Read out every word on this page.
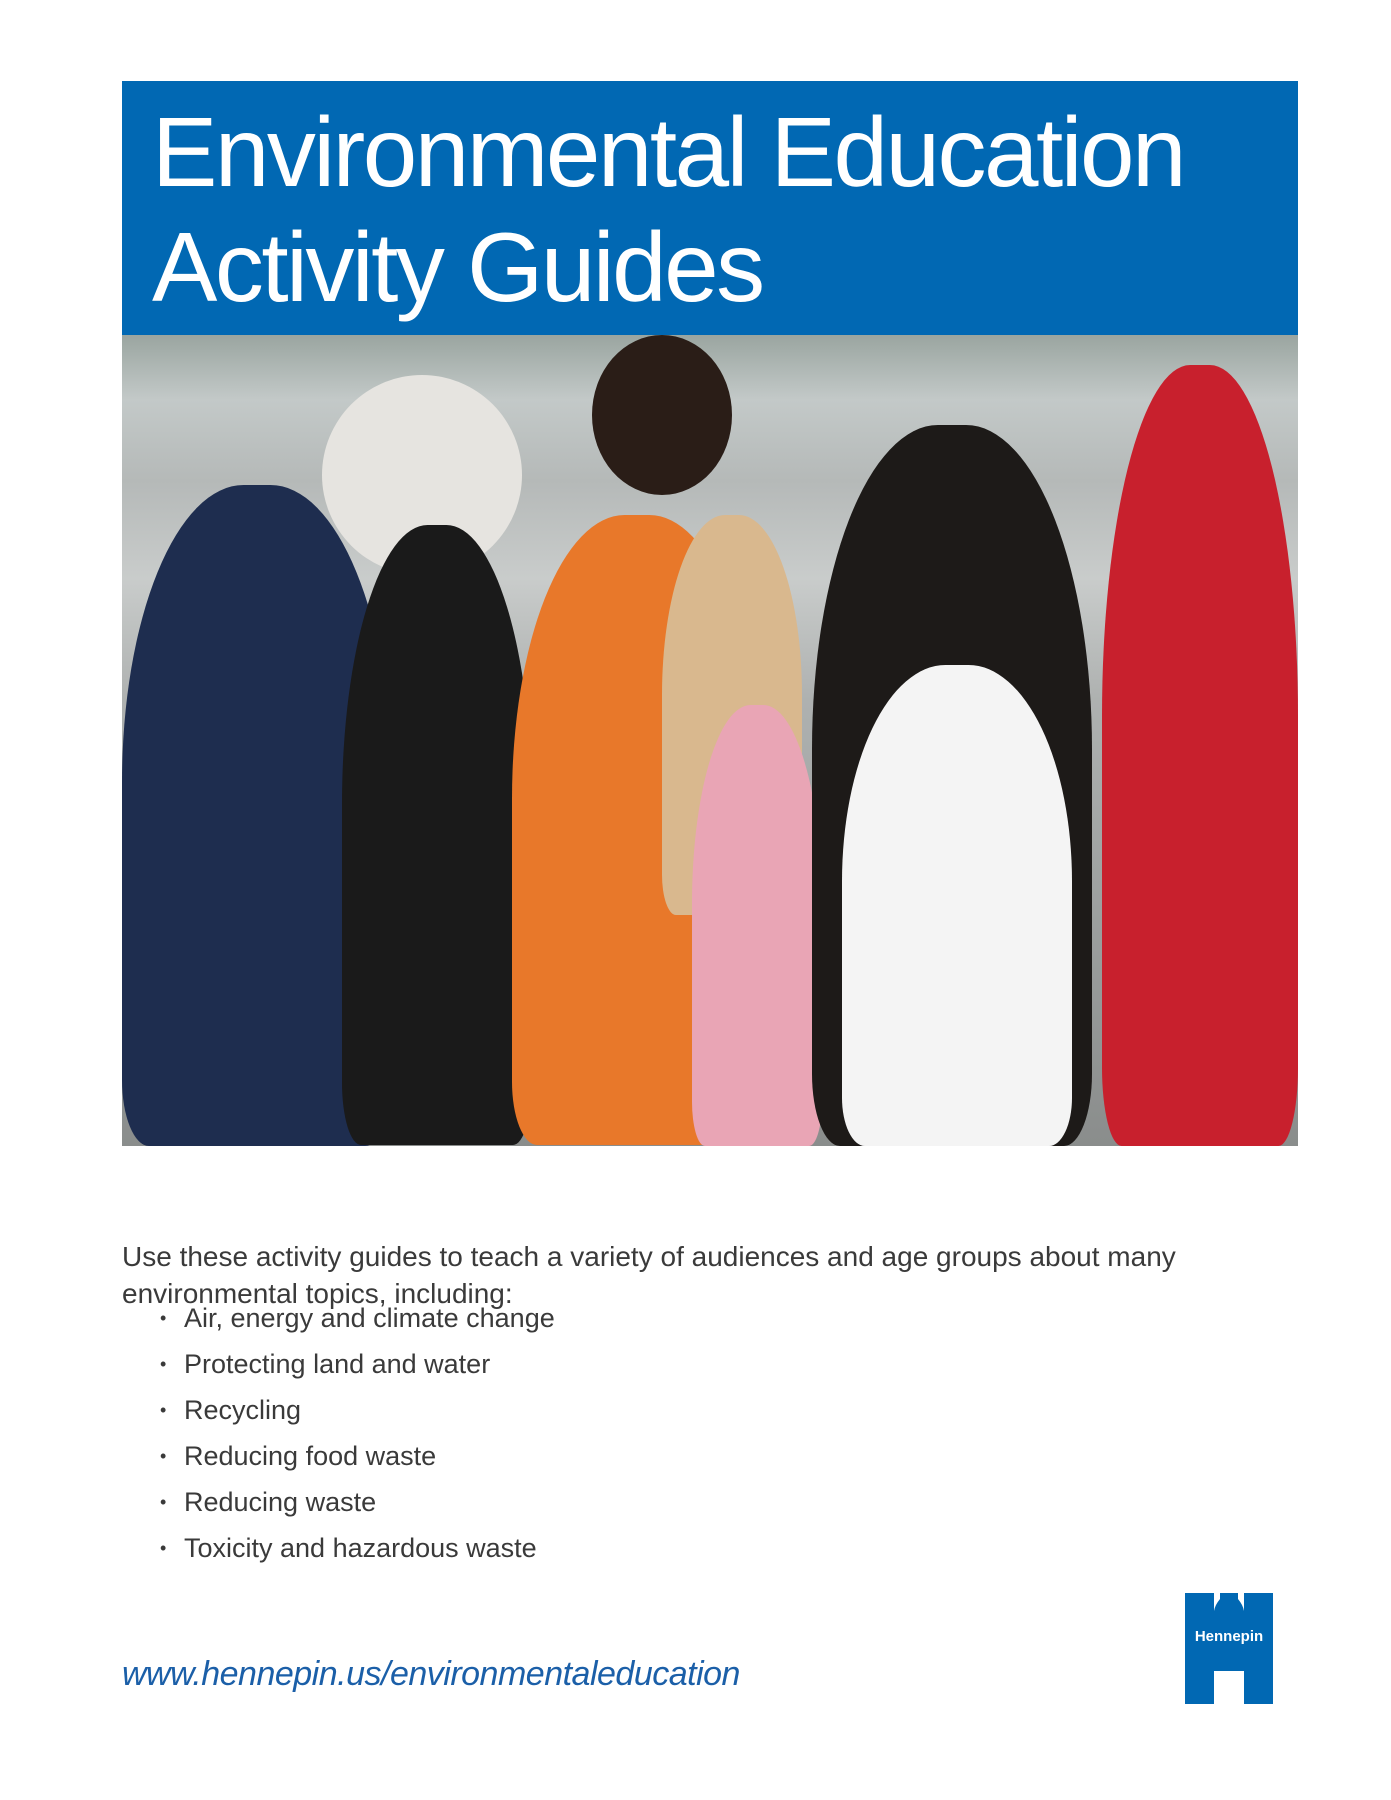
Environmental Education
Activity Guides

Use these activity guides to teach a variety of audiences and age groups about many environmental topics, including:

• Air, energy and climate change
• Protecting land and water
• Recycling
• Reducing food waste
• Reducing waste
• Toxicity and hazardous waste
www.hennepin.us/environmentaleducation
Hennepin
